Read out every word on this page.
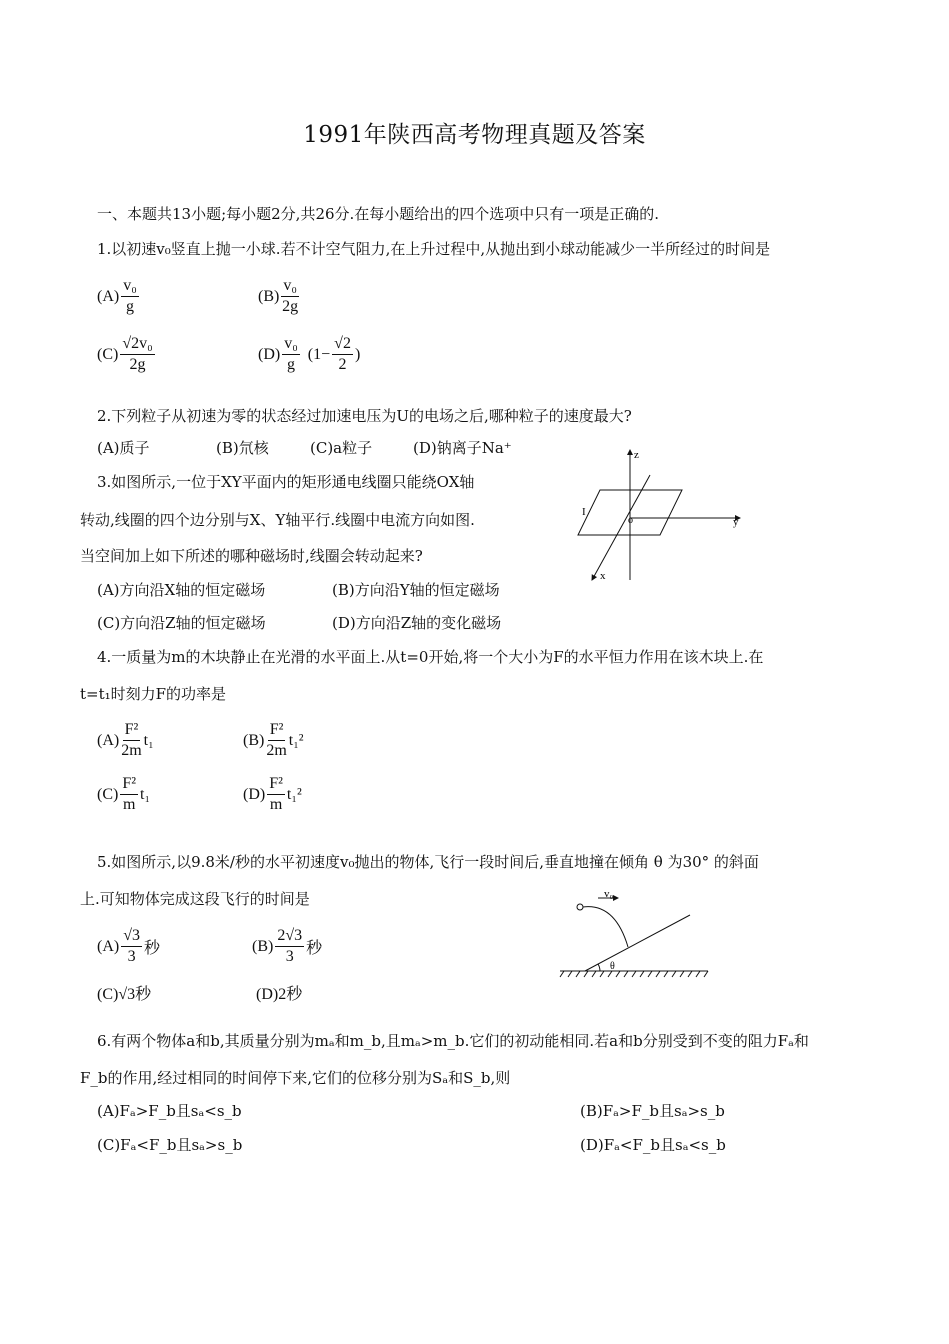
1991年陕西高考物理真题及答案
一、本题共13小题;每小题2分,共26分.在每小题给出的四个选项中只有一项是正确的.
1.以初速v₀竖直上抛一小球.若不计空气阻力,在上升过程中,从抛出到小球动能减少一半所经过的时间是
$(A) \frac{\text{v₀}}{g}$	$(B) \frac{\text{v₀}}{2g}$
$(C) \frac{\text{√2v₀}}{2g}$	$(D) \frac{\text{v₀}}{g} (1- \frac{√2}{2}$ )
2.下列粒子从初速为零的状态经过加速电压为U的电场之后,哪种粒子的速度最大?
(A)质子	(B)氘核	(C)a粒子	(D)钠离子Na⁺
3.如图所示,一位于XY平面内的矩形通电线圈只能绕OX轴
转动,线圈的四个边分别与X、Y轴平行.线圈中电流方向如图.
当空间加上如下所述的哪种磁场时,线圈会转动起来?
(A)方向沿X轴的恒定磁场	(B)方向沿Y轴的恒定磁场
(C)方向沿Z轴的恒定磁场	(D)方向沿Z轴的变化磁场
z
y
x
o
I
4.一质量为m的木块静止在光滑的水平面上.从t=0开始,将一个大小为F的水平恒力作用在该木块上.在
t=t₁时刻力F的功率是
$(A) \frac{\text{F²}}{2m} t_1$	$(B) \frac{\text{F²}}{2m} t_1^2$
$(C) \frac{\text{F²}}{m} t_1$	$(D) \frac{\text{F²}}{m} t_1^2$
5.如图所示,以9.8米/秒的水平初速度v₀抛出的物体,飞行一段时间后,垂直地撞在倾角 θ 为30° 的斜面
上.可知物体完成这段飞行的时间是
$(A) \frac{√3}{3}$ 秒	$(B) \frac{2√3}{3}$ 秒
(C)√3秒	(D)2秒
v₀
θ
6.有两个物体a和b,其质量分别为mₐ和m_b,且mₐ>m_b.它们的初动能相同.若a和b分别受到不变的阻力Fₐ和
F_b的作用,经过相同的时间停下来,它们的位移分别为Sₐ和S_b,则
(A)Fₐ>F_b且sₐ<s_b	(B)Fₐ>F_b且sₐ>s_b
(C)Fₐ<F_b且sₐ>s_b	(D)Fₐ<F_b且sₐ<s_b
